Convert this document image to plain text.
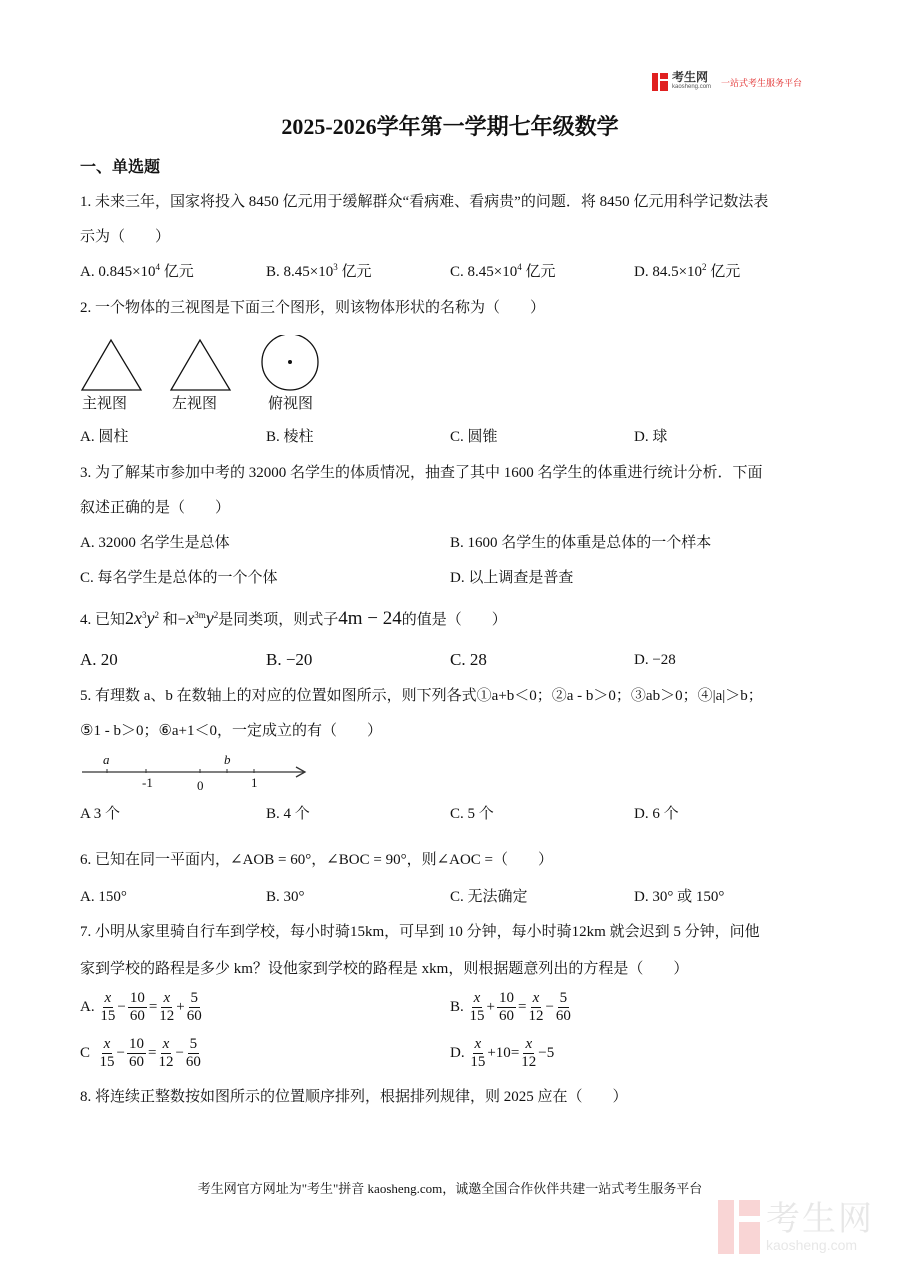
考生网
kaosheng.com 一站式考生服务平台
2025-2026学年第一学期七年级数学
一、单选题
1. 未来三年，国家将投入 8450 亿元用于缓解群众“看病难、看病贵”的问题．将 8450 亿元用科学记数法表
示为（　　）
A. $0.845\times 10^4$ 亿元	B. $8.45\times 10^3$ 亿元	C. $8.45\times 10^4$ 亿元	D. $84.5\times 10^2$ 亿元
2. 一个物体的三视图是下面三个图形，则该物体形状的名称为（　　）
主视图	左视图	俯视图
A. 圆柱	B. 棱柱	C. 圆锥	D. 球
3. 为了解某市参加中考的 32000 名学生的体质情况，抽查了其中 1600 名学生的体重进行统计分析．下面
叙述正确的是（　　）
A. 32000 名学生是总体	B. 1600 名学生的体重是总体的一个样本
C. 每名学生是总体的一个个体	D. 以上调查是普查
4. 已知$2x^3y^2$ 和$-x^{3m}y^2$是同类项，则式子4m − 24的值是（　　）
A. 20	B. −20	C. 28	D. −28
5. 有理数 a、b 在数轴上的对应的位置如图所示，则下列各式①a+b＜0；②a - b＞0；③ab＞0；④|a|＞b；
⑤1 - b＞0；⑥a+1＜0，一定成立的有（　　）
a	b
-1	0	1
A 3 个	B. 4 个	C. 5 个	D. 6 个
6. 已知在同一平面内，∠AOB = 60°，∠BOC = 90°，则∠AOC =（　　）
A. 150°	B. 30°	C. 无法确定	D. 30° 或 150°
7. 小明从家里骑自行车到学校，每小时骑15km，可早到 10 分钟，每小时骑12km 就会迟到 5 分钟，问他
家到学校的路程是多少 km？设他家到学校的路程是 xkm，则根据题意列出的方程是（　　）
A. $\frac{x}{15} - \frac{10}{60} = \frac{x}{12} + \frac{5}{60}$	B. $\frac{x}{15} + \frac{10}{60} = \frac{x}{12} - \frac{5}{60}$
C $\frac{x}{15} - \frac{10}{60} = \frac{x}{12} - \frac{5}{60}$	D. $\frac{x}{15} +10= \frac{x}{12} -5$
8. 将连续正整数按如图所示的位置顺序排列，根据排列规律，则 2025 应在（　　）
考生网官方网址为"考生"拼音 kaosheng.com，诚邀全国合作伙伴共建一站式考生服务平台
考生网
kaosheng.com
